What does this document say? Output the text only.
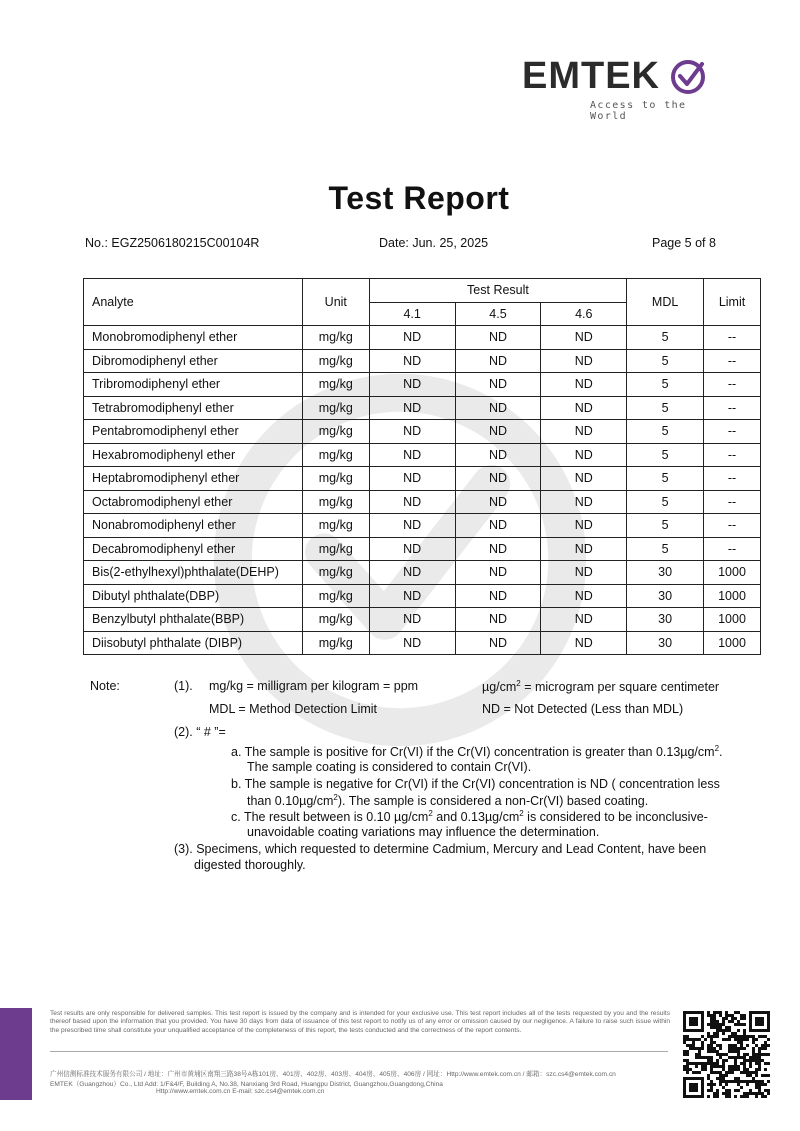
EMTEK
Access to the World
Test Report
No.: EGZ2506180215C00104R	Date: Jun. 25, 2025	Page 5 of 8
Analyte	Unit	Test Result			MDL	Limit
		4.1	4.5	4.6		
Monobromodiphenyl ether	mg/kg	ND	ND	ND	5	--
Dibromodiphenyl ether	mg/kg	ND	ND	ND	5	--
Tribromodiphenyl ether	mg/kg	ND	ND	ND	5	--
Tetrabromodiphenyl ether	mg/kg	ND	ND	ND	5	--
Pentabromodiphenyl ether	mg/kg	ND	ND	ND	5	--
Hexabromodiphenyl ether	mg/kg	ND	ND	ND	5	--
Heptabromodiphenyl ether	mg/kg	ND	ND	ND	5	--
Octabromodiphenyl ether	mg/kg	ND	ND	ND	5	--
Nonabromodiphenyl ether	mg/kg	ND	ND	ND	5	--
Decabromodiphenyl ether	mg/kg	ND	ND	ND	5	--
Bis(2-ethylhexyl)phthalate(DEHP)	mg/kg	ND	ND	ND	30	1000
Dibutyl phthalate(DBP)	mg/kg	ND	ND	ND	30	1000
Benzylbutyl phthalate(BBP)	mg/kg	ND	ND	ND	30	1000
Diisobutyl phthalate (DIBP)	mg/kg	ND	ND	ND	30	1000
Note:	(1). mg/kg = milligram per kilogram = ppm	$\mu g/cm^2$ = microgram per square centimeter
MDL = Method Detection Limit	ND = Not Detected (Less than MDL)
(2). “ # ”=
a. The sample is positive for Cr(VI) if the Cr(VI) concentration is greater than $0.13\mu g/cm^2$.
The sample coating is considered to contain Cr(VI).
b. The sample is negative for Cr(VI) if the Cr(VI) concentration is ND ( concentration less
than $0.10\mu g/cm^2$). The sample is considered a non-Cr(VI) based coating.
c. The result between is 0.10 $\mu g/cm^2$ and $0.13\mu g/cm^2$ is considered to be inconclusive-
unavoidable coating variations may influence the determination.
(3). Specimens, which requested to determine Cadmium, Mercury and Lead Content, have been
digested thoroughly.
Test results are only responsible for delivered samples. This test report is issued by the company and is intended for your exclusive use. This test report includes all of the tests requested by you and the results thereof based upon the information that you provided. You have 30 days from data of issuance of this test report to notify us of any error or omission caused by our negligence. A failure to raise such issue within the prescribed time shall constitute your unqualified acceptance of the completeness of this report, the tests conducted and the correctness of the report contents.
广州信测标准技术服务有限公司 / 地址：广州市黄埔区南翔三路38号A栋101房、401房、402房、403房、404房、405房、406房 / 网址：Http://www.emtek.com.cn / 邮箱：szc.cs4@emtek.com.cn
EMTEK（Guangzhou）Co., Ltd Add: 1/F&4/F, Building A, No.38, Nanxiang 3rd Road, Huangpu District, Guangzhou,Guangdong,China
Http://www.emtek.com.cn E-mail: szc.cs4@emtek.com.cn
